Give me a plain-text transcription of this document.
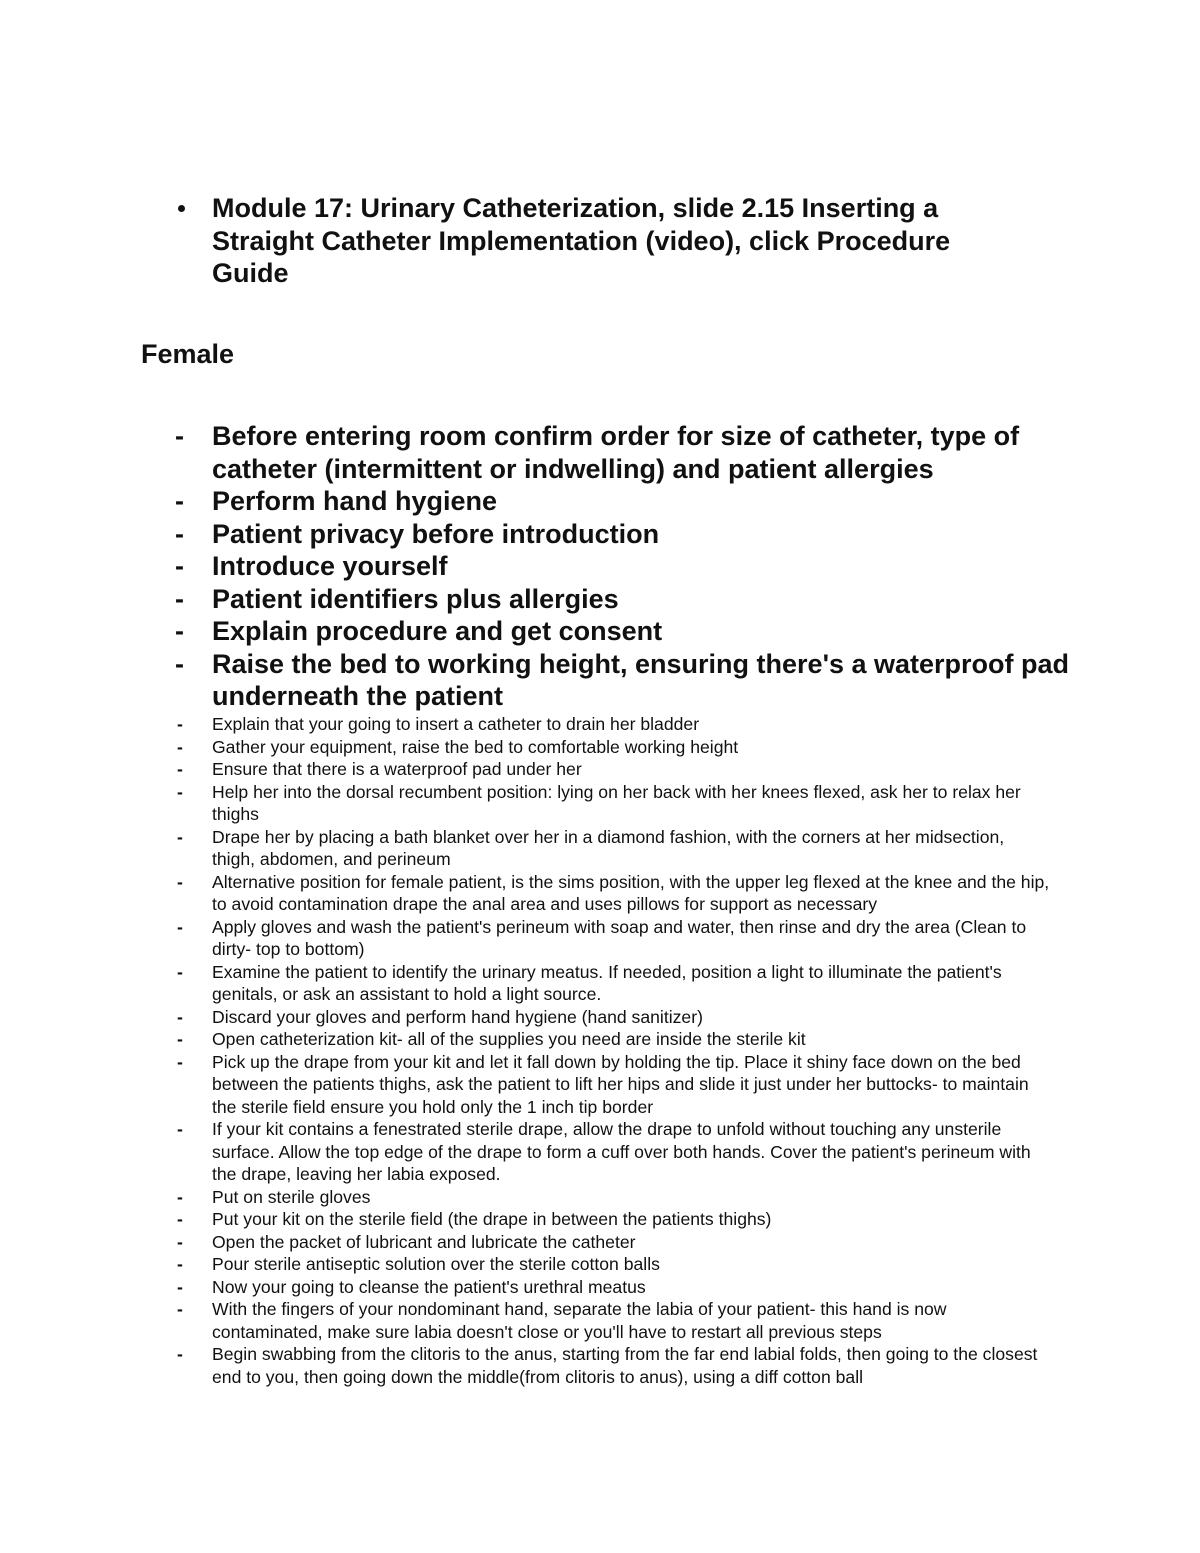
Module 17: Urinary Catheterization, slide 2.15 Inserting a Straight Catheter Implementation (video), click Procedure Guide
Female
- Before entering room confirm order for size of catheter, type of catheter (intermittent or indwelling) and patient allergies
- Perform hand hygiene
- Patient privacy before introduction
- Introduce yourself
- Patient identifiers plus allergies
- Explain procedure and get consent
- Raise the bed to working height, ensuring there's a waterproof pad underneath the patient
- Explain that your going to insert a catheter to drain her bladder
- Gather your equipment, raise the bed to comfortable working height
- Ensure that there is a waterproof pad under her
- Help her into the dorsal recumbent position: lying on her back with her knees flexed, ask her to relax her thighs
- Drape her by placing a bath blanket over her in a diamond fashion, with the corners at her midsection, thigh, abdomen, and perineum
- Alternative position for female patient, is the sims position, with the upper leg flexed at the knee and the hip, to avoid contamination drape the anal area and uses pillows for support as necessary
- Apply gloves and wash the patient's perineum with soap and water, then rinse and dry the area (Clean to dirty- top to bottom)
- Examine the patient to identify the urinary meatus. If needed, position a light to illuminate the patient's genitals, or ask an assistant to hold a light source.
- Discard your gloves and perform hand hygiene (hand sanitizer)
- Open catheterization kit- all of the supplies you need are inside the sterile kit
- Pick up the drape from your kit and let it fall down by holding the tip. Place it shiny face down on the bed between the patients thighs, ask the patient to lift her hips and slide it just under her buttocks- to maintain the sterile field ensure you hold only the 1 inch tip border
- If your kit contains a fenestrated sterile drape, allow the drape to unfold without touching any unsterile surface. Allow the top edge of the drape to form a cuff over both hands. Cover the patient's perineum with the drape, leaving her labia exposed.
- Put on sterile gloves
- Put your kit on the sterile field (the drape in between the patients thighs)
- Open the packet of lubricant and lubricate the catheter
- Pour sterile antiseptic solution over the sterile cotton balls
- Now your going to cleanse the patient's urethral meatus
- With the fingers of your nondominant hand, separate the labia of your patient- this hand is now contaminated, make sure labia doesn't close or you'll have to restart all previous steps
- Begin swabbing from the clitoris to the anus, starting from the far end labial folds, then going to the closest end to you, then going down the middle(from clitoris to anus), using a diff cotton ball
